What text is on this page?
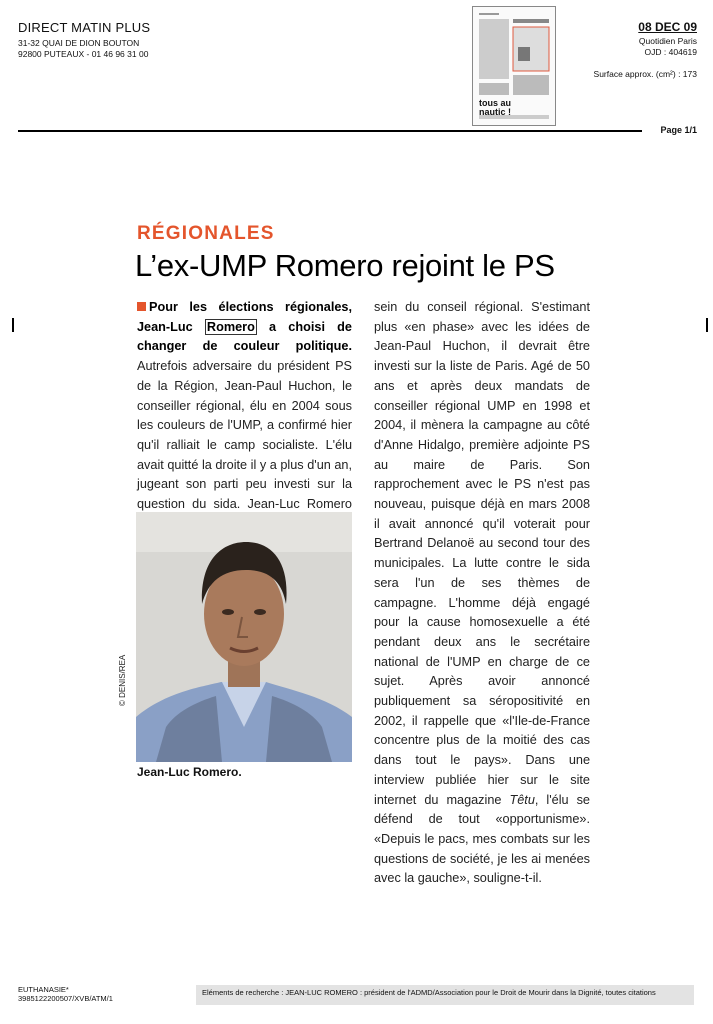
DIRECT MATIN PLUS
31-32 QUAI DE DION BOUTON
92800 PUTEAUX - 01 46 96 31 00
tous au nautic !
08 DEC 09
Quotidien Paris
OJD : 404619
Surface approx. (cm²) : 173
Page 1/1
RÉGIONALES
L’ex-UMP Romero rejoint le PS
Pour les élections régionales, Jean-Luc Romero a choisi de changer de couleur politique. Autrefois adversaire du président PS de la Région, Jean-Paul Huchon, le conseiller régional, élu en 2004 sous les couleurs de l'UMP, a confirmé hier qu'il ralliait le camp socialiste. L'élu avait quitté la droite il y a plus d'un an, jugeant son parti peu investi sur la question du sida. Jean-Luc Romero
sein du conseil régional. S'estimant plus «en phase» avec les idées de Jean-Paul Huchon, il devrait être investi sur la liste de Paris. Agé de 50 ans et après deux mandats de conseiller régional UMP en 1998 et 2004, il mènera la campagne au côté d'Anne Hidalgo, première adjointe PS au maire de Paris. Son rapprochement avec le PS n'est pas nouveau, puisque déjà en mars 2008 il avait annoncé qu'il voterait pour Bertrand Delanoë au second tour des municipales. La lutte contre le sida sera l'un de ses thèmes de campagne. L'homme déjà engagé pour la cause homosexuelle a été pendant deux ans le secrétaire national de l'UMP en charge de ce sujet. Après avoir annoncé publiquement sa séropositivité en 2002, il rappelle que «l'Ile-de-France concentre plus de la moitié des cas dans tout le pays». Dans une interview publiée hier sur le site internet du magazine Têtu, l'élu se défend de tout «opportunisme». «Depuis le pacs, mes combats sur les questions de société, je les ai menées avec la gauche», souligne-t-il.
© DENIS/REA
Jean-Luc Romero.
EUTHANASIE*
3985122200507/XVB/ATM/1
Eléments de recherche : JEAN-LUC ROMERO : président de l'ADMD/Association pour le Droit de Mourir dans la Dignité, toutes citations
